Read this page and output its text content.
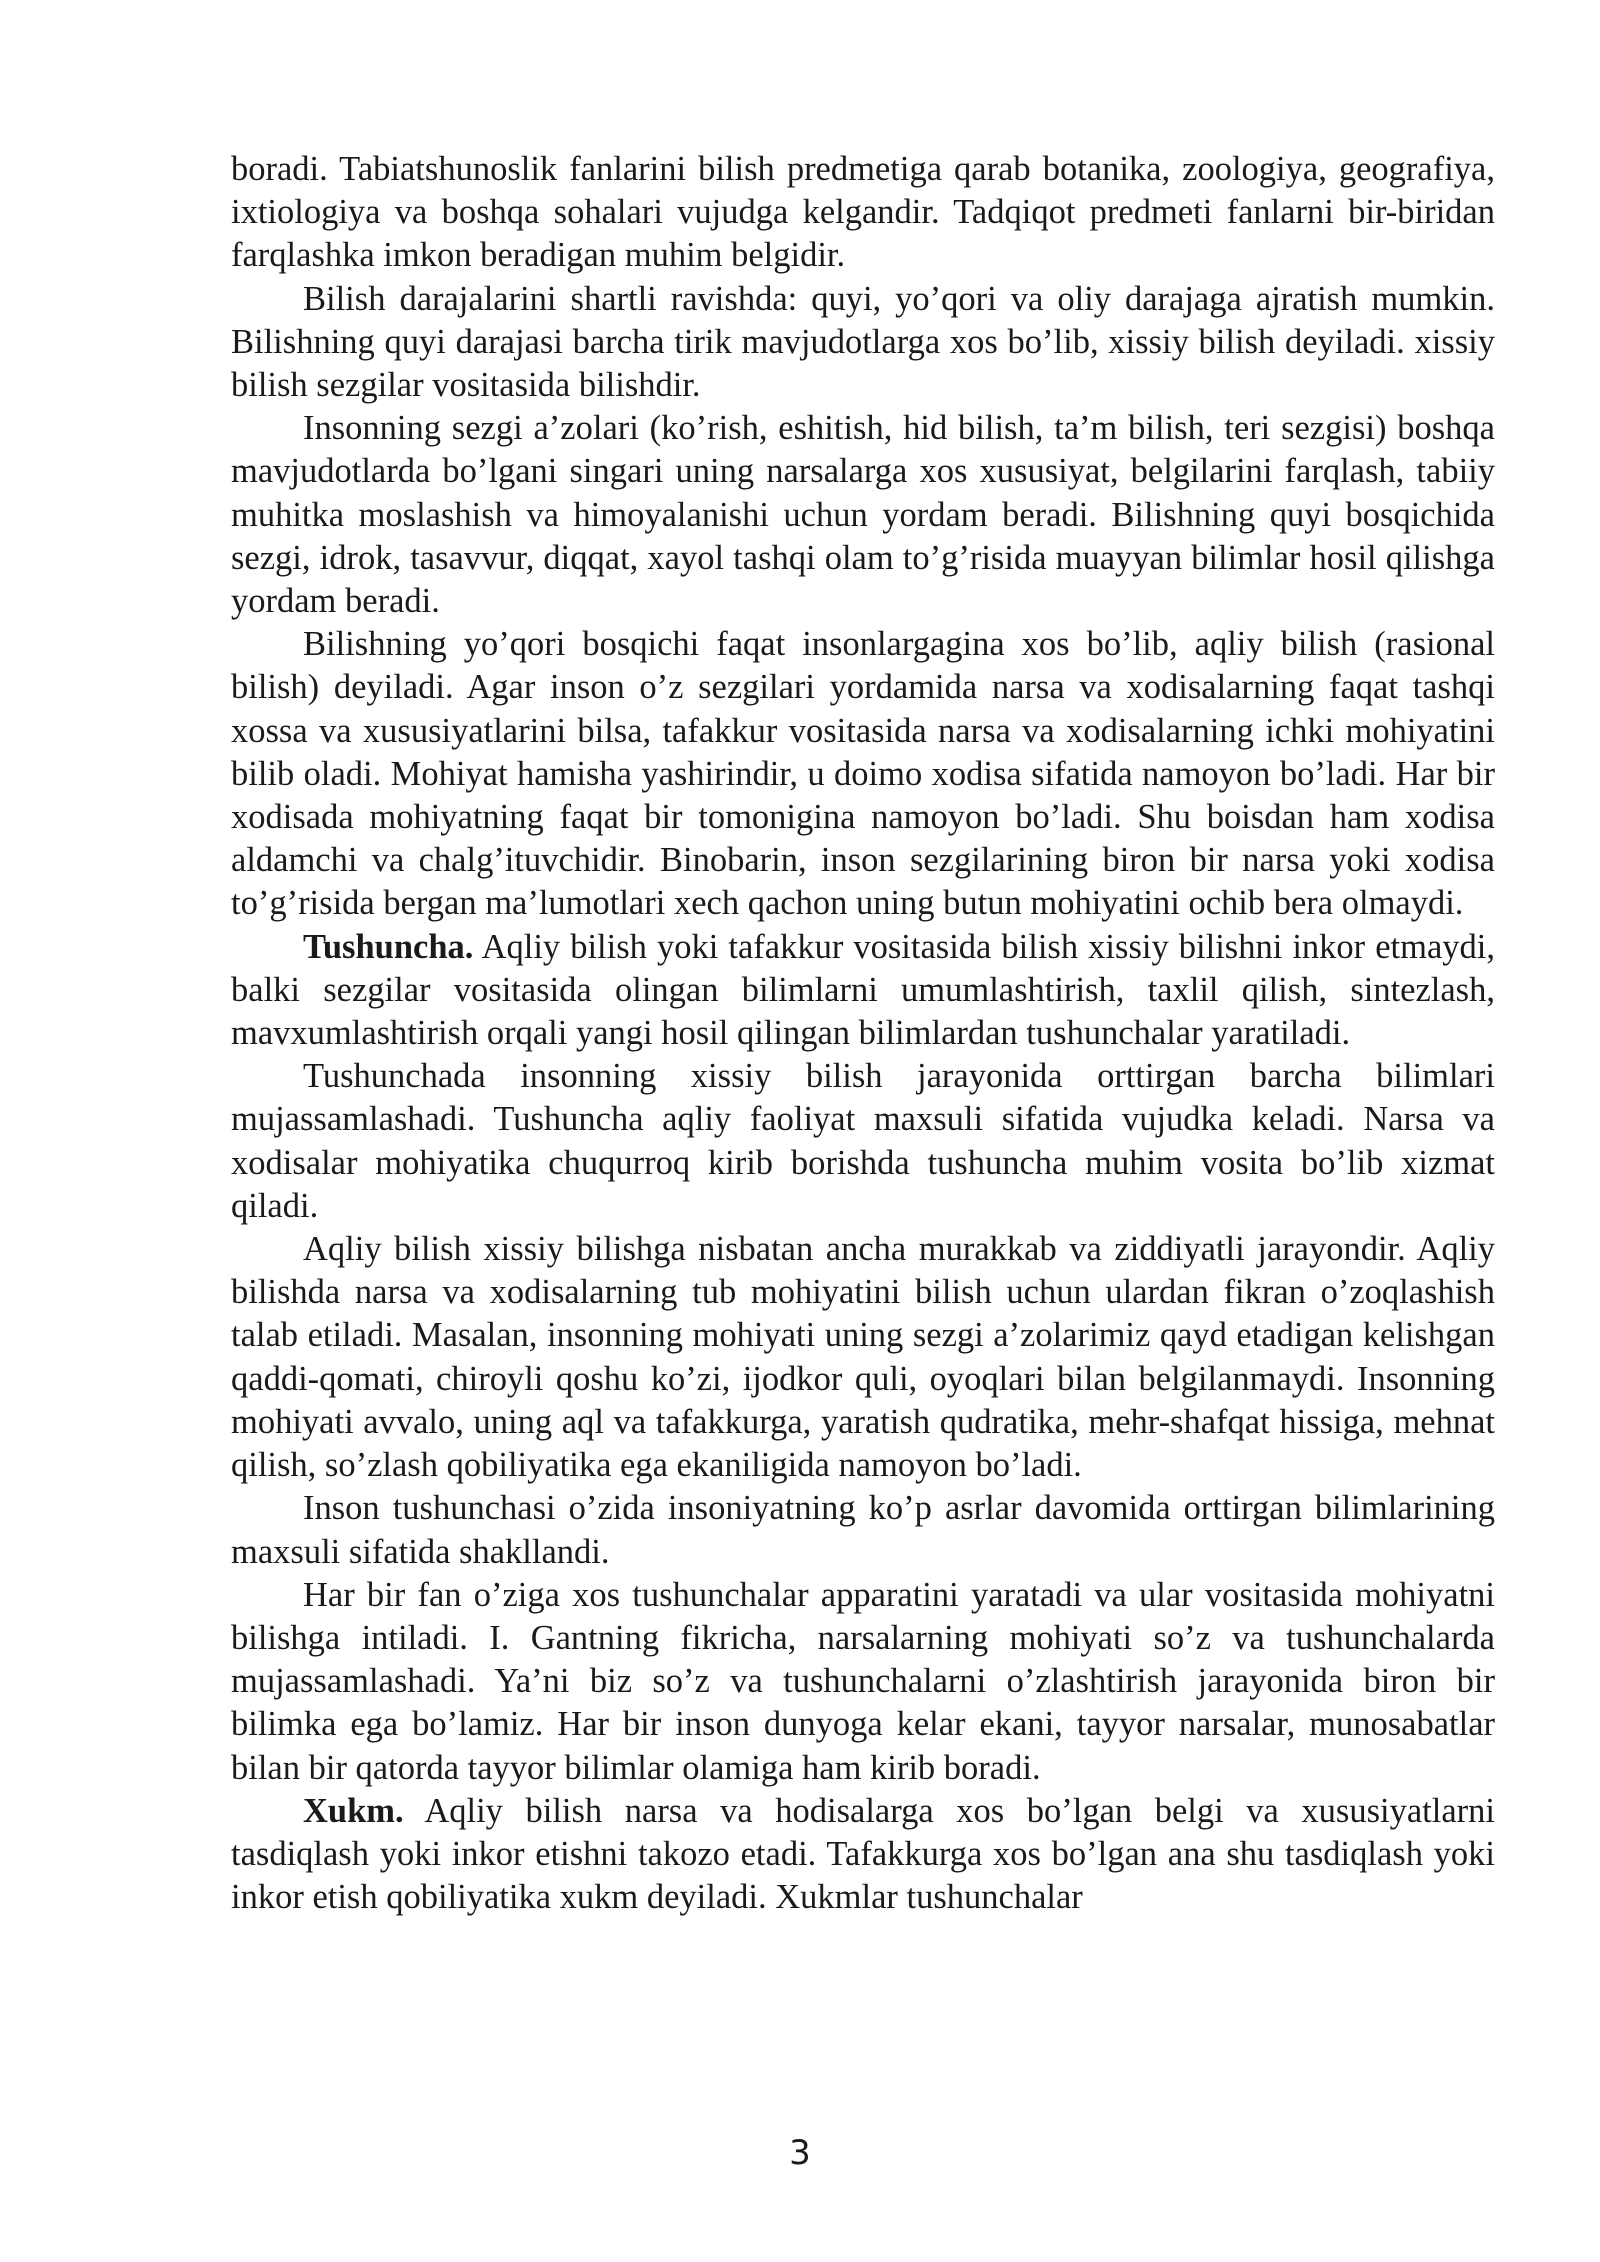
boradi. Tabiatshunoslik fanlarini bilish predmetiga qarab botanika, zoologiya, geografiya, ixtiologiya va boshqa sohalari vujudga kelgandir. Tadqiqot predmeti fanlarni bir-biridan farqlashka imkon beradigan muhim belgidir.

Bilish darajalarini shartli ravishda: quyi, yo’qori va oliy darajaga ajratish mumkin. Bilishning quyi darajasi barcha tirik mavjudotlarga xos bo’lib, xissiy bilish deyiladi. xissiy bilish sezgilar vositasida bilishdir.

Insonning sezgi a’zolari (ko’rish, eshitish, hid bilish, ta’m bilish, teri sezgisi) boshqa mavjudotlarda bo’lgani singari uning narsalarga xos xususiyat, belgilarini farqlash, tabiiy muhitka moslashish va himoyalanishi uchun yordam beradi. Bilishning quyi bosqichida sezgi, idrok, tasavvur, diqqat, xayol tashqi olam to’g’risida muayyan bilimlar hosil qilishga yordam beradi.

Bilishning yo’qori bosqichi faqat insonlargagina xos bo’lib, aqliy bilish (rasional bilish) deyiladi. Agar inson o’z sezgilari yordamida narsa va xodisalarning faqat tashqi xossa va xususiyatlarini bilsa, tafakkur vositasida narsa va xodisalarning ichki mohiyatini bilib oladi. Mohiyat hamisha yashirindir, u doimo xodisa sifatida namoyon bo’ladi. Har bir xodisada mohiyatning faqat bir tomonigina namoyon bo’ladi. Shu boisdan ham xodisa aldamchi va chalg’ituvchidir. Binobarin, inson sezgilarining biron bir narsa yoki xodisa to’g’risida bergan ma’lumotlari xech qachon uning butun mohiyatini ochib bera olmaydi.

Tushuncha. Aqliy bilish yoki tafakkur vositasida bilish xissiy bilishni inkor etmaydi, balki sezgilar vositasida olingan bilimlarni umumlashtirish, taxlil qilish, sintezlash, mavxumlashtirish orqali yangi hosil qilingan bilimlardan tushunchalar yaratiladi.

Tushunchada insonning xissiy bilish jarayonida orttirgan barcha bilimlari mujassamlashadi. Tushuncha aqliy faoliyat maxsuli sifatida vujudka keladi. Narsa va xodisalar mohiyatika chuqurroq kirib borishda tushuncha muhim vosita bo’lib xizmat qiladi.

Aqliy bilish xissiy bilishga nisbatan ancha murakkab va ziddiyatli jarayondir. Aqliy bilishda narsa va xodisalarning tub mohiyatini bilish uchun ulardan fikran o’zoqlashish talab etiladi. Masalan, insonning mohiyati uning sezgi a’zolarimiz qayd etadigan kelishgan qaddi-qomati, chiroyli qoshu ko’zi, ijodkor quli, oyoqlari bilan belgilanmaydi. Insonning mohiyati avvalo, uning aql va tafakkurga, yaratish qudratika, mehr-shafqat hissiga, mehnat qilish, so’zlash qobiliyatika ega ekaniligida namoyon bo’ladi.

Inson tushunchasi o’zida insoniyatning ko’p asrlar davomida orttirgan bilimlarining maxsuli sifatida shakllandi.

Har bir fan o’ziga xos tushunchalar apparatini yaratadi va ular vositasida mohiyatni bilishga intiladi. I. Gantning fikricha, narsalarning mohiyati so’z va tushunchalarda mujassamlashadi. Ya’ni biz so’z va tushunchalarni o’zlashtirish jarayonida biron bir bilimka ega bo’lamiz. Har bir inson dunyoga kelar ekani, tayyor narsalar, munosabatlar bilan bir qatorda tayyor bilimlar olamiga ham kirib boradi.

Xukm. Aqliy bilish narsa va hodisalarga xos bo’lgan belgi va xususiyatlarni tasdiqlash yoki inkor etishni takozo etadi. Tafakkurga xos bo’lgan ana shu tasdiqlash yoki inkor etish qobiliyatika xukm deyiladi. Xukmlar tushunchalar

3
